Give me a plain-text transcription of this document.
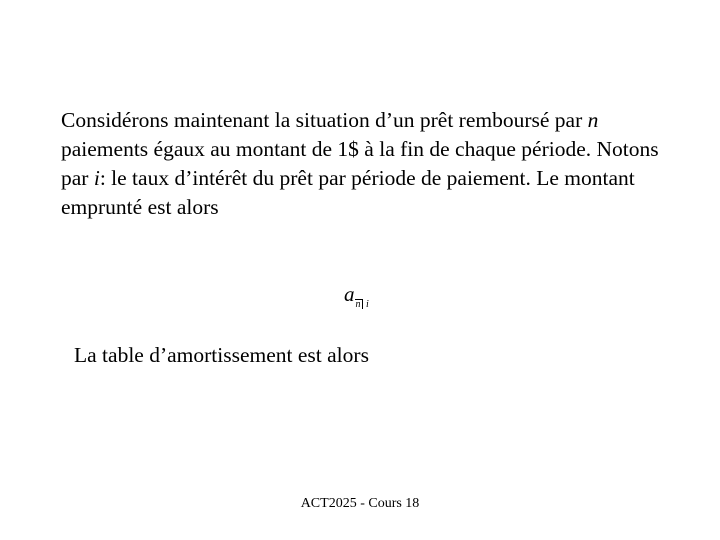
Considérons maintenant la situation d’un prêt remboursé par n paiements égaux au montant de 1$ à la fin de chaque période. Notons par i: le taux d’intérêt du prêt par période de paiement. Le montant emprunté est alors
$a_{n i}$
La table d’amortissement est alors
ACT2025 - Cours 18
